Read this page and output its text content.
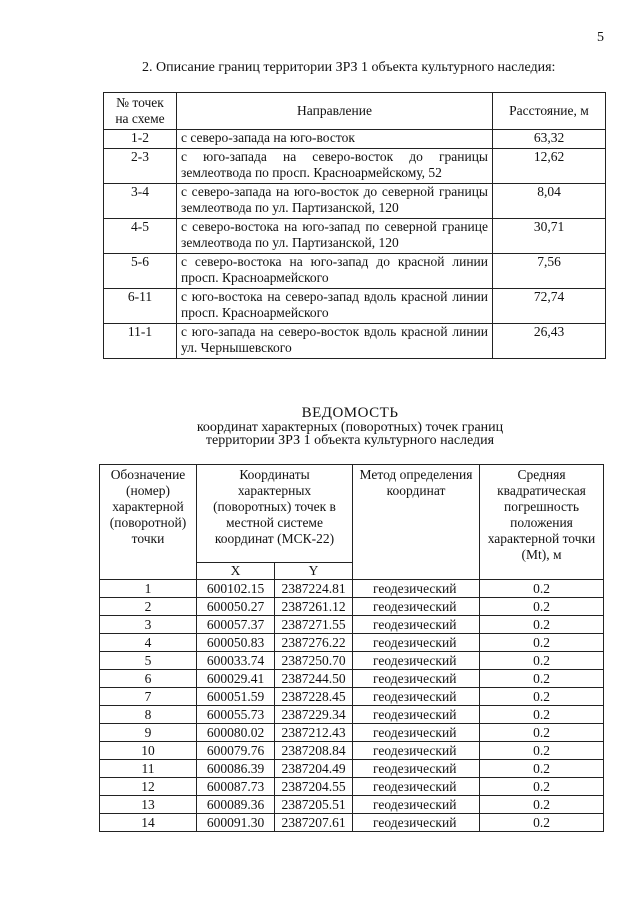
5
2. Описание границ территории ЗРЗ 1 объекта культурного наследия:
№ точек на схеме	Направление	Расстояние, м
1-2	с северо-запада на юго-восток	63,32
2-3	с юго-запада на северо-восток до границы землеотвода по просп. Красноармейскому, 52	12,62
3-4	с северо-запада на юго-восток до северной границы землеотвода по ул. Партизанской, 120	8,04
4-5	с северо-востока на юго-запад по северной границе землеотвода по ул. Партизанской, 120	30,71
5-6	с северо-востока на юго-запад до красной линии просп. Красноармейского	7,56
6-11	с юго-востока на северо-запад вдоль красной линии просп. Красноармейского	72,74
11-1	с юго-запада на северо-восток вдоль красной линии ул. Чернышевского	26,43
ВЕДОМОСТЬ
координат характерных (поворотных) точек границ
территории ЗРЗ 1 объекта культурного наследия
Обозначение (номер) характерной (поворотной) точки	Координаты характерных (поворотных) точек в местной системе координат (МСК-22)		Метод определения координат	Средняя квадратическая погрешность положения характерной точки (Mt), м
	X	Y		
1	600102.15	2387224.81	геодезический	0.2
2	600050.27	2387261.12	геодезический	0.2
3	600057.37	2387271.55	геодезический	0.2
4	600050.83	2387276.22	геодезический	0.2
5	600033.74	2387250.70	геодезический	0.2
6	600029.41	2387244.50	геодезический	0.2
7	600051.59	2387228.45	геодезический	0.2
8	600055.73	2387229.34	геодезический	0.2
9	600080.02	2387212.43	геодезический	0.2
10	600079.76	2387208.84	геодезический	0.2
11	600086.39	2387204.49	геодезический	0.2
12	600087.73	2387204.55	геодезический	0.2
13	600089.36	2387205.51	геодезический	0.2
14	600091.30	2387207.61	геодезический	0.2
